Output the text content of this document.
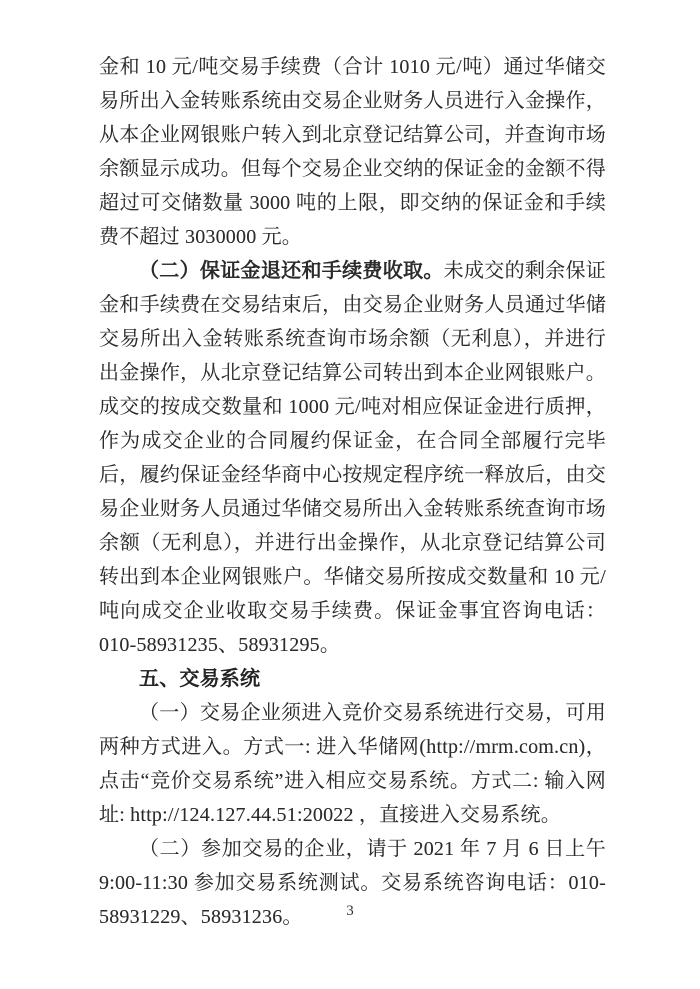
金和 10 元/吨交易手续费（合计 1010 元/吨）通过华储交易所出入金转账系统由交易企业财务人员进行入金操作，从本企业网银账户转入到北京登记结算公司，并查询市场余额显示成功。但每个交易企业交纳的保证金的金额不得超过可交储数量 3000 吨的上限，即交纳的保证金和手续费不超过 3030000 元。

（二）保证金退还和手续费收取。未成交的剩余保证金和手续费在交易结束后，由交易企业财务人员通过华储交易所出入金转账系统查询市场余额（无利息），并进行出金操作，从北京登记结算公司转出到本企业网银账户。成交的按成交数量和 1000 元/吨对相应保证金进行质押，作为成交企业的合同履约保证金，在合同全部履行完毕后，履约保证金经华商中心按规定程序统一释放后，由交易企业财务人员通过华储交易所出入金转账系统查询市场余额（无利息），并进行出金操作，从北京登记结算公司转出到本企业网银账户。华储交易所按成交数量和 10 元/吨向成交企业收取交易手续费。保证金事宜咨询电话：010-58931235、58931295。

五、交易系统

（一）交易企业须进入竞价交易系统进行交易，可用两种方式进入。方式一: 进入华储网(http://mrm.com.cn)，点击“竞价交易系统”进入相应交易系统。方式二: 输入网址: http://124.127.44.51:20022 ，直接进入交易系统。

（二）参加交易的企业，请于 2021 年 7 月 6 日上午 9:00-11:30 参加交易系统测试。交易系统咨询电话：010-58931229、58931236。	3
